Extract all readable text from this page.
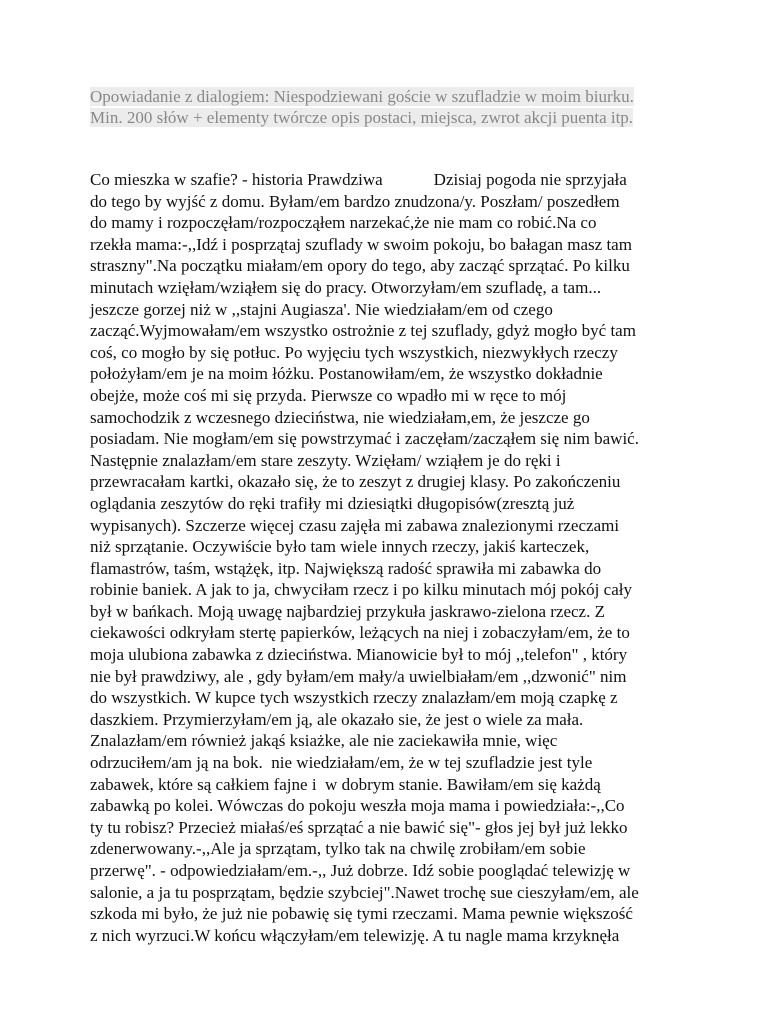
Opowiadanie z dialogiem: Niespodziewani goście w szufladzie w moim biurku.
Min. 200 słów + elementy twórcze opis postaci, miejsca, zwrot akcji puenta itp.
Co mieszka w szafie? - historia Prawdziwa            Dzisiaj pogoda nie sprzyjała
do tego by wyjść z domu. Byłam/em bardzo znudzona/y. Poszłam/ poszedłem
do mamy i rozpoczęłam/rozpocząłem narzekać,że nie mam co robić.Na co
rzekła mama:-,,Idź i posprzątaj szuflady w swoim pokoju, bo bałagan masz tam
straszny".Na początku miałam/em opory do tego, aby zacząć sprzątać. Po kilku
minutach wzięłam/wziąłem się do pracy. Otworzyłam/em szufladę, a tam...
jeszcze gorzej niż w ,,stajni Augiasza'. Nie wiedziałam/em od czego
zacząć.Wyjmowałam/em wszystko ostrożnie z tej szuflady, gdyż mogło być tam
coś, co mogło by się potłuc. Po wyjęciu tych wszystkich, niezwykłych rzeczy
położyłam/em je na moim łóżku. Postanowiłam/em, że wszystko dokładnie
obejże, może coś mi się przyda. Pierwsze co wpadło mi w ręce to mój
samochodzik z wczesnego dzieciństwa, nie wiedziałam,em, że jeszcze go
posiadam. Nie mogłam/em się powstrzymać i zaczęłam/zacząłem się nim bawić.
Następnie znalazłam/em stare zeszyty. Wzięłam/ wziąłem je do ręki i
przewracałam kartki, okazało się, że to zeszyt z drugiej klasy. Po zakończeniu
oglądania zeszytów do ręki trafiły mi dziesiątki długopisów(zresztą już
wypisanych). Szczerze więcej czasu zajęła mi zabawa znalezionymi rzeczami
niż sprzątanie. Oczywiście było tam wiele innych rzeczy, jakiś karteczek,
flamastrów, taśm, wstążęk, itp. Największą radość sprawiła mi zabawka do
robinie baniek. A jak to ja, chwyciłam rzecz i po kilku minutach mój pokój cały
był w bańkach. Moją uwagę najbardziej przykuła jaskrawo-zielona rzecz. Z
ciekawości odkryłam stertę papierków, leżących na niej i zobaczyłam/em, że to
moja ulubiona zabawka z dzieciństwa. Mianowicie był to mój ,,telefon" , który
nie był prawdziwy, ale , gdy byłam/em mały/a uwielbiałam/em ,,dzwonić" nim
do wszystkich. W kupce tych wszystkich rzeczy znalazłam/em moją czapkę z
daszkiem. Przymierzyłam/em ją, ale okazało sie, że jest o wiele za mała.
Znalazłam/em również jakąś ksiażke, ale nie zaciekawiła mnie, więc
odrzuciłem/am ją na bok.  nie wiedziałam/em, że w tej szufladzie jest tyle
zabawek, które są całkiem fajne i  w dobrym stanie. Bawiłam/em się każdą
zabawką po kolei. Wówczas do pokoju weszła moja mama i powiedziała:-,,Co
ty tu robisz? Przecież miałaś/eś sprzątać a nie bawić się"- głos jej był już lekko
zdenerwowany.-,,Ale ja sprzątam, tylko tak na chwilę zrobiłam/em sobie
przerwę". - odpowiedziałam/em.-,, Już dobrze. Idź sobie pooglądać telewizję w
salonie, a ja tu posprzątam, będzie szybciej".Nawet trochę sue cieszyłam/em, ale
szkoda mi było, że już nie pobawię się tymi rzeczami. Mama pewnie większość
z nich wyrzuci.W końcu włączyłam/em telewizję. A tu nagle mama krzyknęła
